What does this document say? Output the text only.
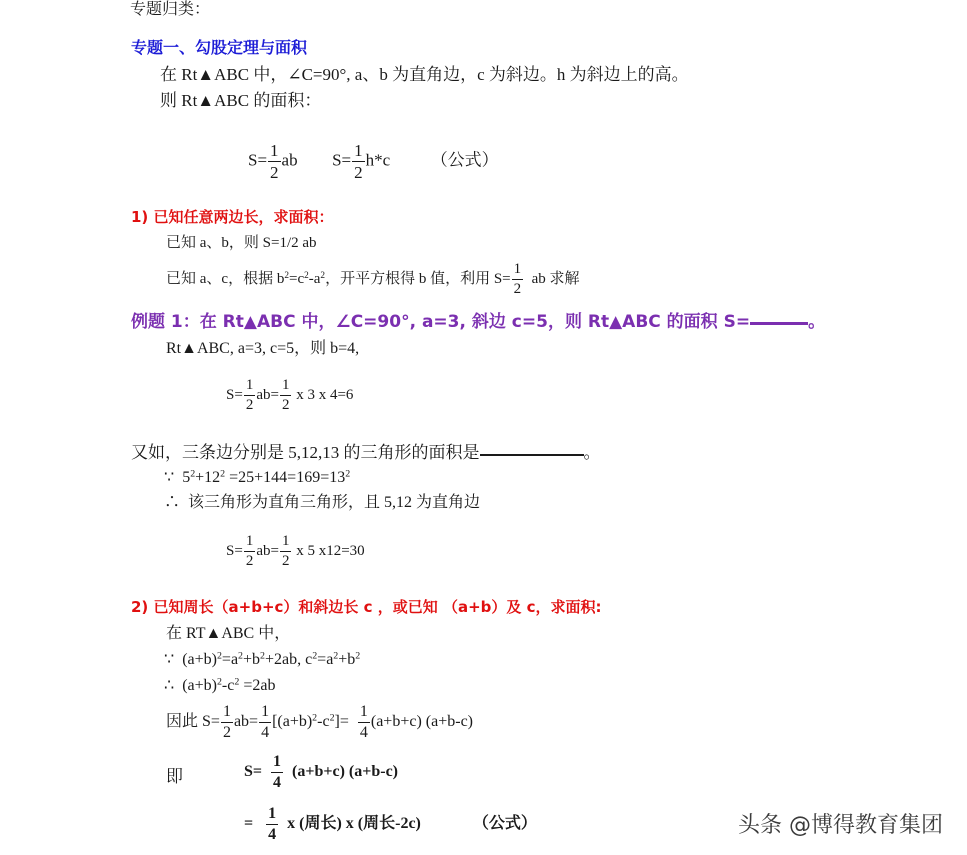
专题归类：
专题一、勾股定理与面积
在 Rt▲ABC 中，∠C=90°, a、b 为直角边，c 为斜边。h 为斜边上的高。
则 Rt▲ABC 的面积：
$S= \frac{1}{2}$ ab $S= \frac{1}{2} h*c$ （公式）
1) 已知任意两边长，求面积：
已知 a、b，则 S=1/2 ab
已知 a、c，根据 $b^2=c^2-a^2$，开平方根得 b 值，利用 $S= \frac{1}{2}$ ab 求解
例题 1：在 Rt▲ABC 中，∠C=90°, a=3, 斜边 c=5，则 Rt▲ABC 的面积 S=	。
Rt▲ABC, a=3, c=5，则 b=4,
$S= \frac{1}{2} ab= \frac{1}{2}$ x 3 x 4=6
又如，三条边分别是 5,12,13 的三角形的面积是	。
∵ $5^2+12^2 =25+144=169=13^2$
∴ 该三角形为直角三角形，且 5,12 为直角边
$S= \frac{1}{2} ab= \frac{1}{2}$ x 5 x12=30
2) 已知周长（a+b+c）和斜边长 c ，或已知 （a+b）及 c，求面积:
在 RT▲ABC 中，
∵ $(a+b)^2=a^2+b^2+2ab$, $c^2=a^2+b^2$
∴ $(a+b)^2-c^2 =2ab$
因此 $S= \frac{1}{2} ab= \frac{1}{4} [(a+b)^2-c^2]= \frac{1}{4} (a+b+c)$ (a+b-c)
即	$S= \frac{1}{4} (a+b+c)$ (a+b-c)
= $\frac{1}{4}$ x (周长) x (周长-2c)	（公式）	头条 @博得教育集团
